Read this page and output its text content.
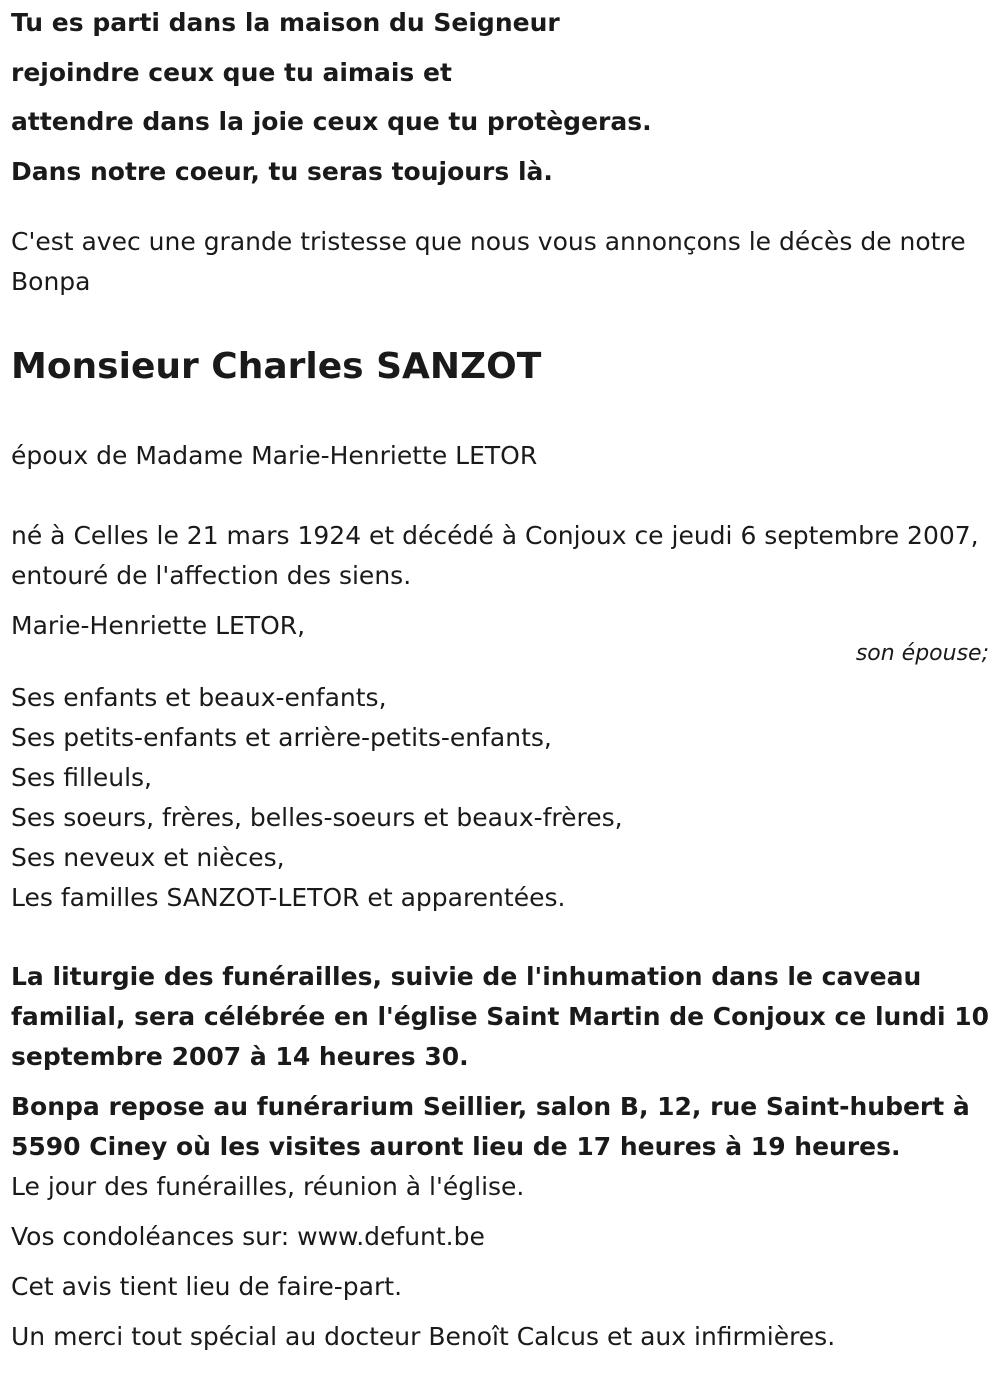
Tu es parti dans la maison du Seigneur

rejoindre ceux que tu aimais et

attendre dans la joie ceux que tu protègeras.

Dans notre coeur, tu seras toujours là.

C'est avec une grande tristesse que nous vous annonçons le décès de notre Bonpa

Monsieur Charles SANZOT

époux de Madame Marie-Henriette LETOR

né à Celles le 21 mars 1924 et décédé à Conjoux ce jeudi 6 septembre 2007, entouré de l'affection des siens.

Marie-Henriette LETOR,

son épouse;

Ses enfants et beaux-enfants,

Ses petits-enfants et arrière-petits-enfants,

Ses filleuls,

Ses soeurs, frères, belles-soeurs et beaux-frères,

Ses neveux et nièces,

Les familles SANZOT-LETOR et apparentées.

La liturgie des funérailles, suivie de l'inhumation dans le caveau familial, sera célébrée en l'église Saint Martin de Conjoux ce lundi 10 septembre 2007 à 14 heures 30.

Bonpa repose au funérarium Seillier, salon B, 12, rue Saint-hubert à 5590 Ciney où les visites auront lieu de 17 heures à 19 heures.

Le jour des funérailles, réunion à l'église.

Vos condoléances sur: www.defunt.be

Cet avis tient lieu de faire-part.

Un merci tout spécial au docteur Benoît Calcus et aux infirmières.
